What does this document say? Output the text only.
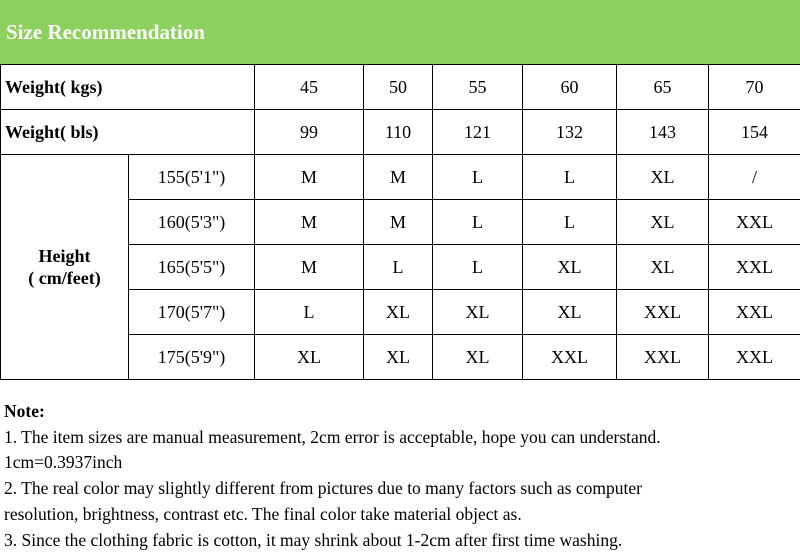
Size Recommendation
Weight( kgs)		45	50	55	60	65	70
Weight( bls)		99	110	121	132	143	154

Height
( cm/feet)	155(5'1")	M	M	L	L	XL	/
	160(5'3")	M	M	L	L	XL	XXL
	165(5'5")	M	L	L	XL	XL	XXL
	170(5'7")	L	XL	XL	XL	XXL	XXL
	175(5'9")	XL	XL	XL	XXL	XXL	XXL
Note:
1. The item sizes are manual measurement, 2cm error is acceptable, hope you can understand.
1cm=0.3937inch
2. The real color may slightly different from pictures due to many factors such as computer
resolution, brightness, contrast etc. The final color take material object as.
3. Since the clothing fabric is cotton, it may shrink about 1-2cm after first time washing.
